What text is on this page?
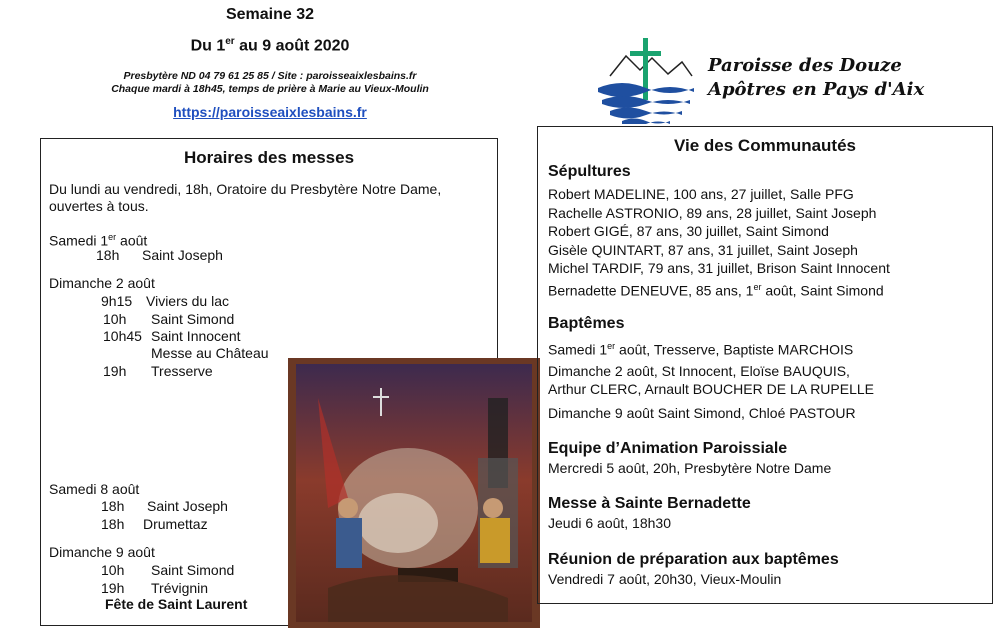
Semaine 32
Du 1er au 9 août 2020
Presbytère ND 04 79 61 25 85 / Site : paroisseaixlesbains.fr
Chaque mardi à 18h45, temps de prière à Marie au Vieux-Moulin
https://paroisseaixlesbains.fr
Paroisse des Douze
Apôtres en Pays d'Aix
Horaires des messes
Du lundi au vendredi, 18h, Oratoire du Presbytère Notre Dame,
ouvertes à tous.
Samedi 1er août
18h Saint Joseph
Dimanche 2 août
9h15 Viviers du lac
10h Saint Simond
10h45 Saint Innocent
Messe au Château
19h Tresserve
Samedi 8 août
18h Saint Joseph
18h Drumettaz
Dimanche 9 août
10h Saint Simond
19h Trévignin
Fête de Saint Laurent
Vie des Communautés
Sépultures
Robert MADELINE, 100 ans, 27 juillet, Salle PFG
Rachelle ASTRONIO, 89 ans, 28 juillet, Saint Joseph
Robert GIGÉ, 87 ans, 30 juillet, Saint Simond
Gisèle QUINTART, 87 ans, 31 juillet, Saint Joseph
Michel TARDIF, 79 ans, 31 juillet, Brison Saint Innocent
Bernadette DENEUVE, 85 ans, 1er août, Saint Simond
Baptêmes
Samedi 1er août, Tresserve, Baptiste MARCHOIS
Dimanche 2 août, St Innocent, Eloïse BAUQUIS,
Arthur CLERC, Arnault BOUCHER DE LA RUPELLE
Dimanche 9 août Saint Simond, Chloé PASTOUR
Equipe d’Animation Paroissiale
Mercredi 5 août, 20h, Presbytère Notre Dame
Messe à Sainte Bernadette
Jeudi 6 août, 18h30
Réunion de préparation aux baptêmes
Vendredi 7 août, 20h30, Vieux-Moulin
